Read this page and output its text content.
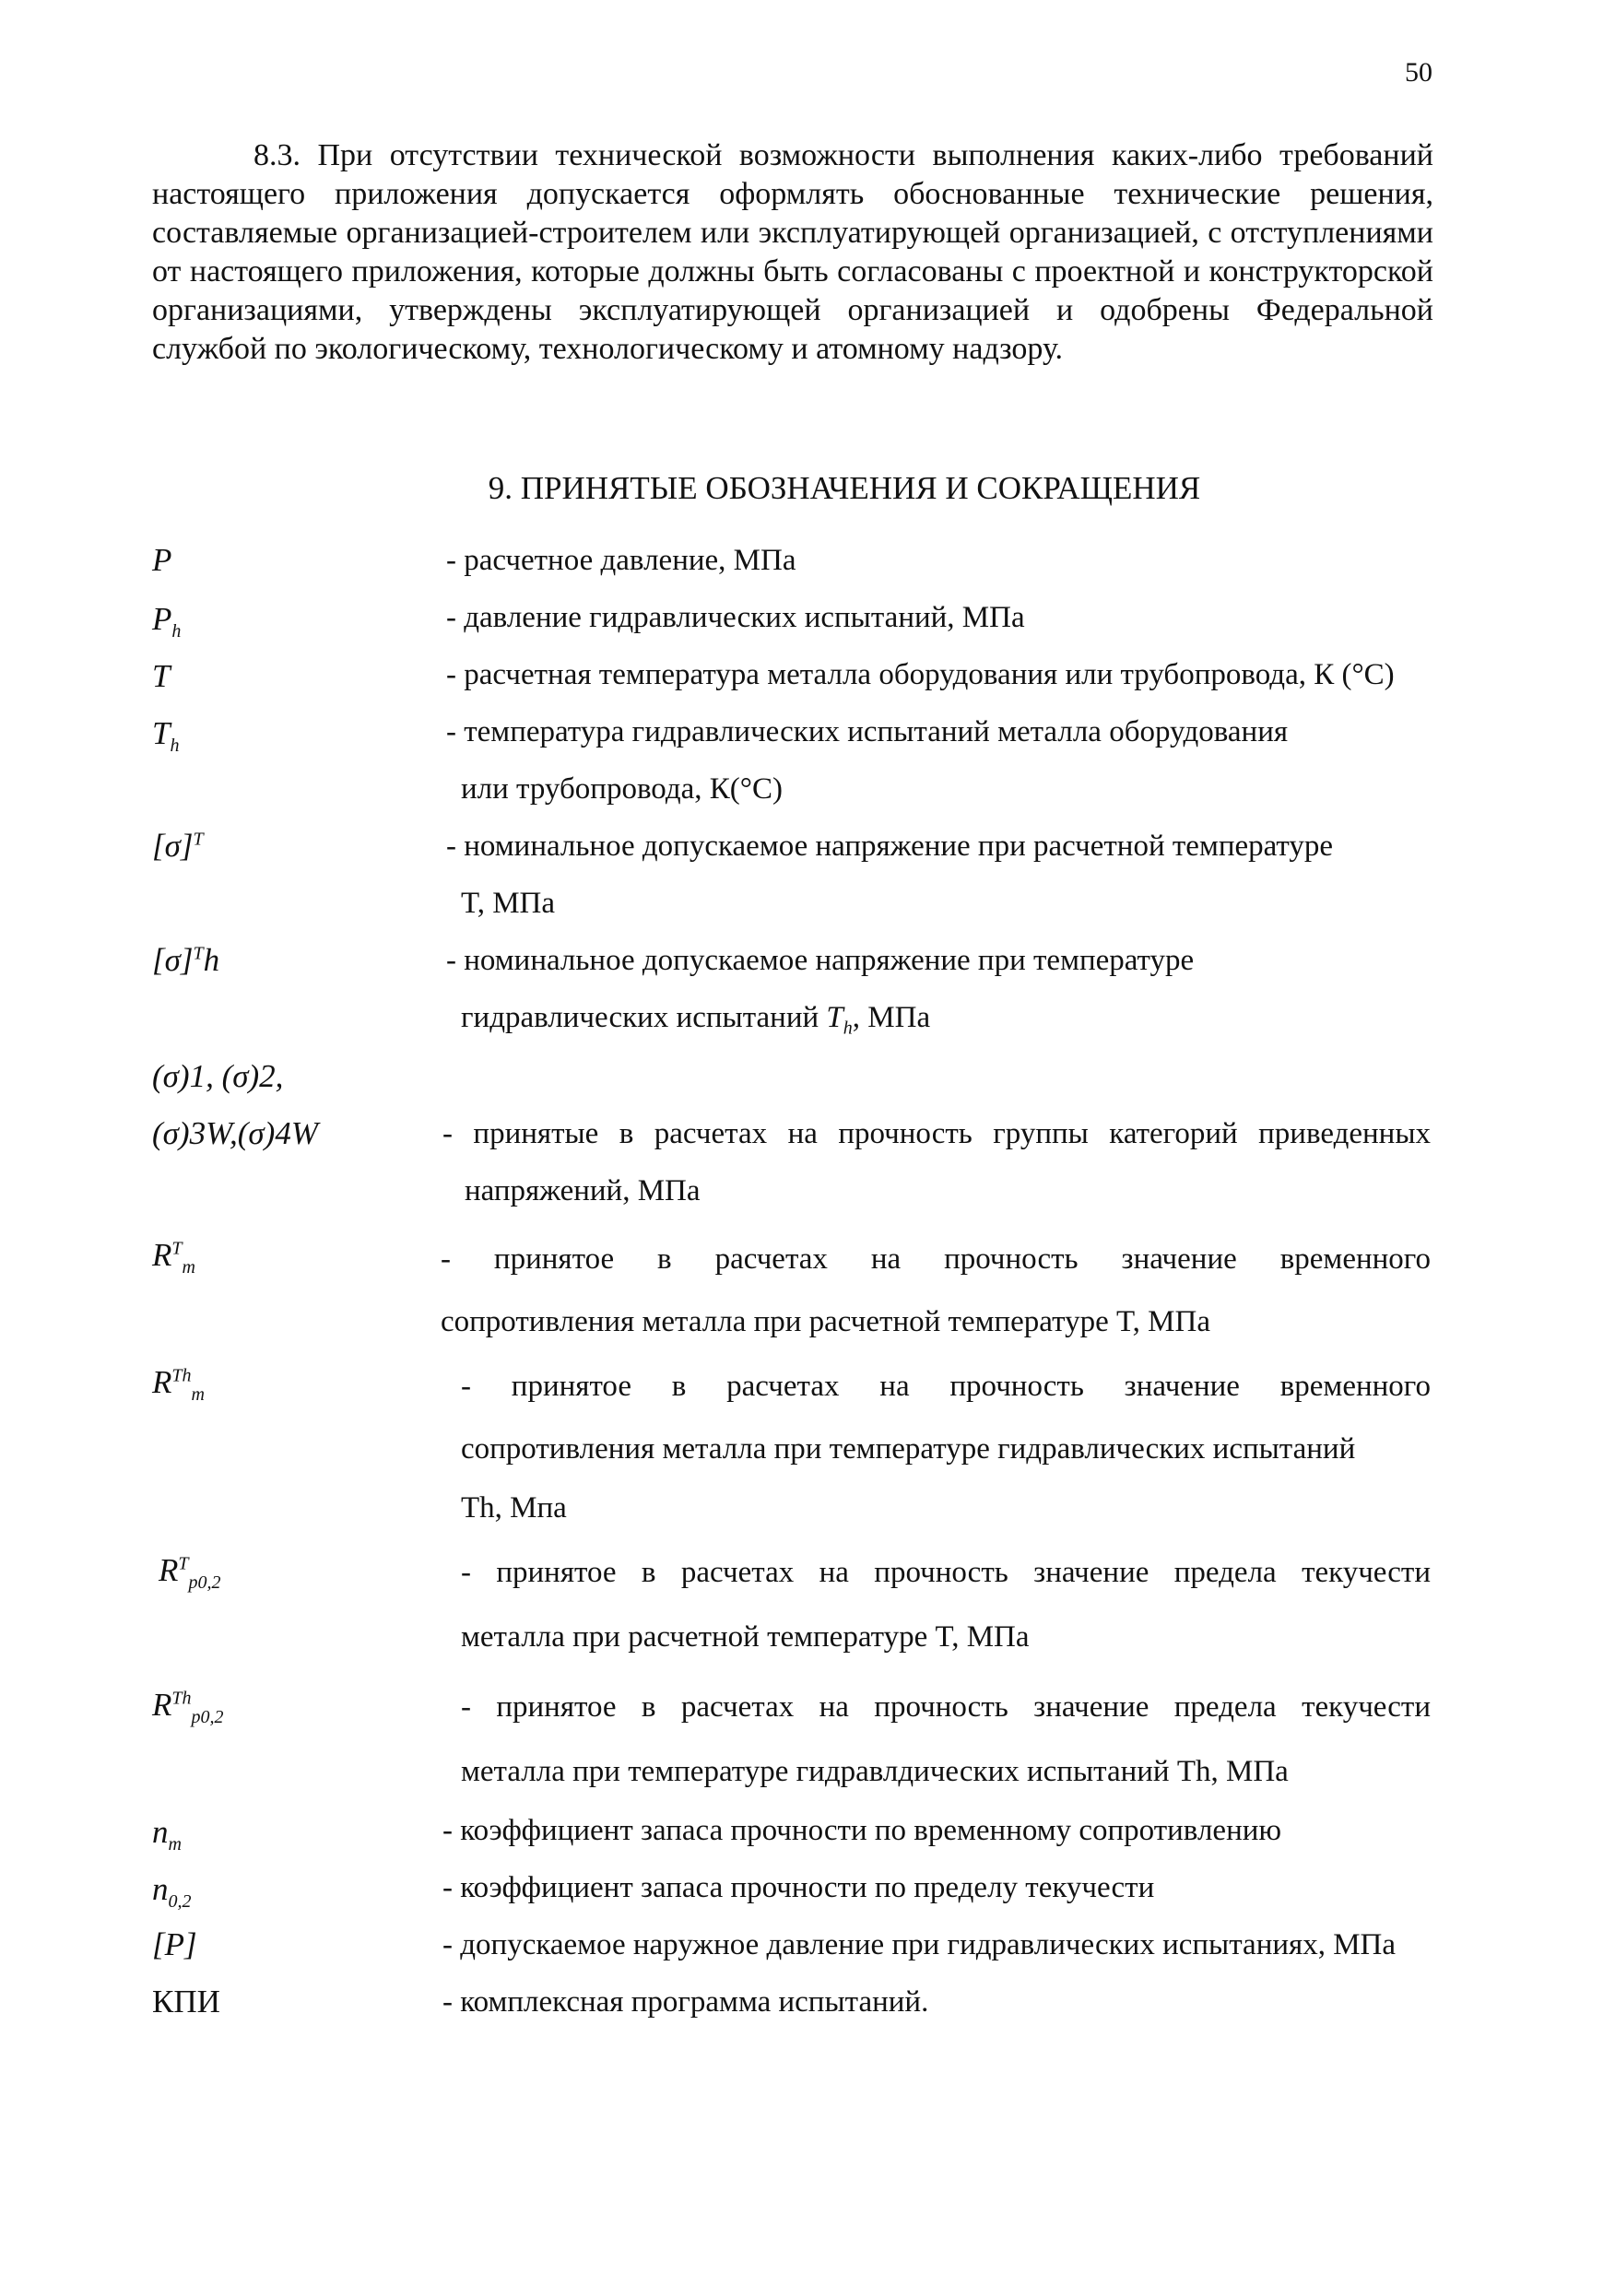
50
8.3. При отсутствии технической возможности выполнения каких-либо требований настоящего приложения допускается оформлять обоснованные технические решения, составляемые организацией-строителем или эксплуатирующей организацией, с отступлениями от настоящего приложения, которые должны быть согласованы с проектной и конструкторской организациями, утверждены эксплуатирующей организацией и одобрены Федеральной службой по экологическому, технологическому и атомному надзору.
9. ПРИНЯТЫЕ ОБОЗНАЧЕНИЯ И СОКРАЩЕНИЯ
P	- расчетное давление, МПа
$P_h$	- давление гидравлических испытаний, МПа
T	- расчетная температура металла оборудования или трубопровода, К (°С)
$T_h$	- температура гидравлических испытаний металла оборудования
или трубопровода, К(°С)
$[\sigma]^T$	- номинальное допускаемое напряжение при расчетной температуре
T, МПа
$[\sigma]^Th$	- номинальное допускаемое напряжение при температуре
гидравлических испытаний $T_h$, МПа
(σ)1, (σ)2,
(σ)3W,(σ)4W	- принятые в расчетах на прочность группы категорий приведенных
напряжений, МПа
$R^T_m$	- принятое в расчетах на прочность значение временного
сопротивления металла при расчетной температуре T, МПа
$R^{Th}_m$	- принятое в расчетах на прочность значение временного
сопротивления металла при температуре гидравлических испытаний
Th, Мпа
$R^T_{p0,2}$	- принятое в расчетах на прочность значение предела текучести
металла при расчетной температуре T, МПа
$R^{Th}_{p0,2}$	- принятое в расчетах на прочность значение предела текучести
металла при температуре гидравлдических испытаний Th, МПа
$n_m$	- коэффициент запаса прочности по временному сопротивлению
$n_{0,2}$	- коэффициент запаса прочности по пределу текучести
[P]	- допускаемое наружное давление при гидравлических испытаниях, МПа
КПИ	- комплексная программа испытаний.
